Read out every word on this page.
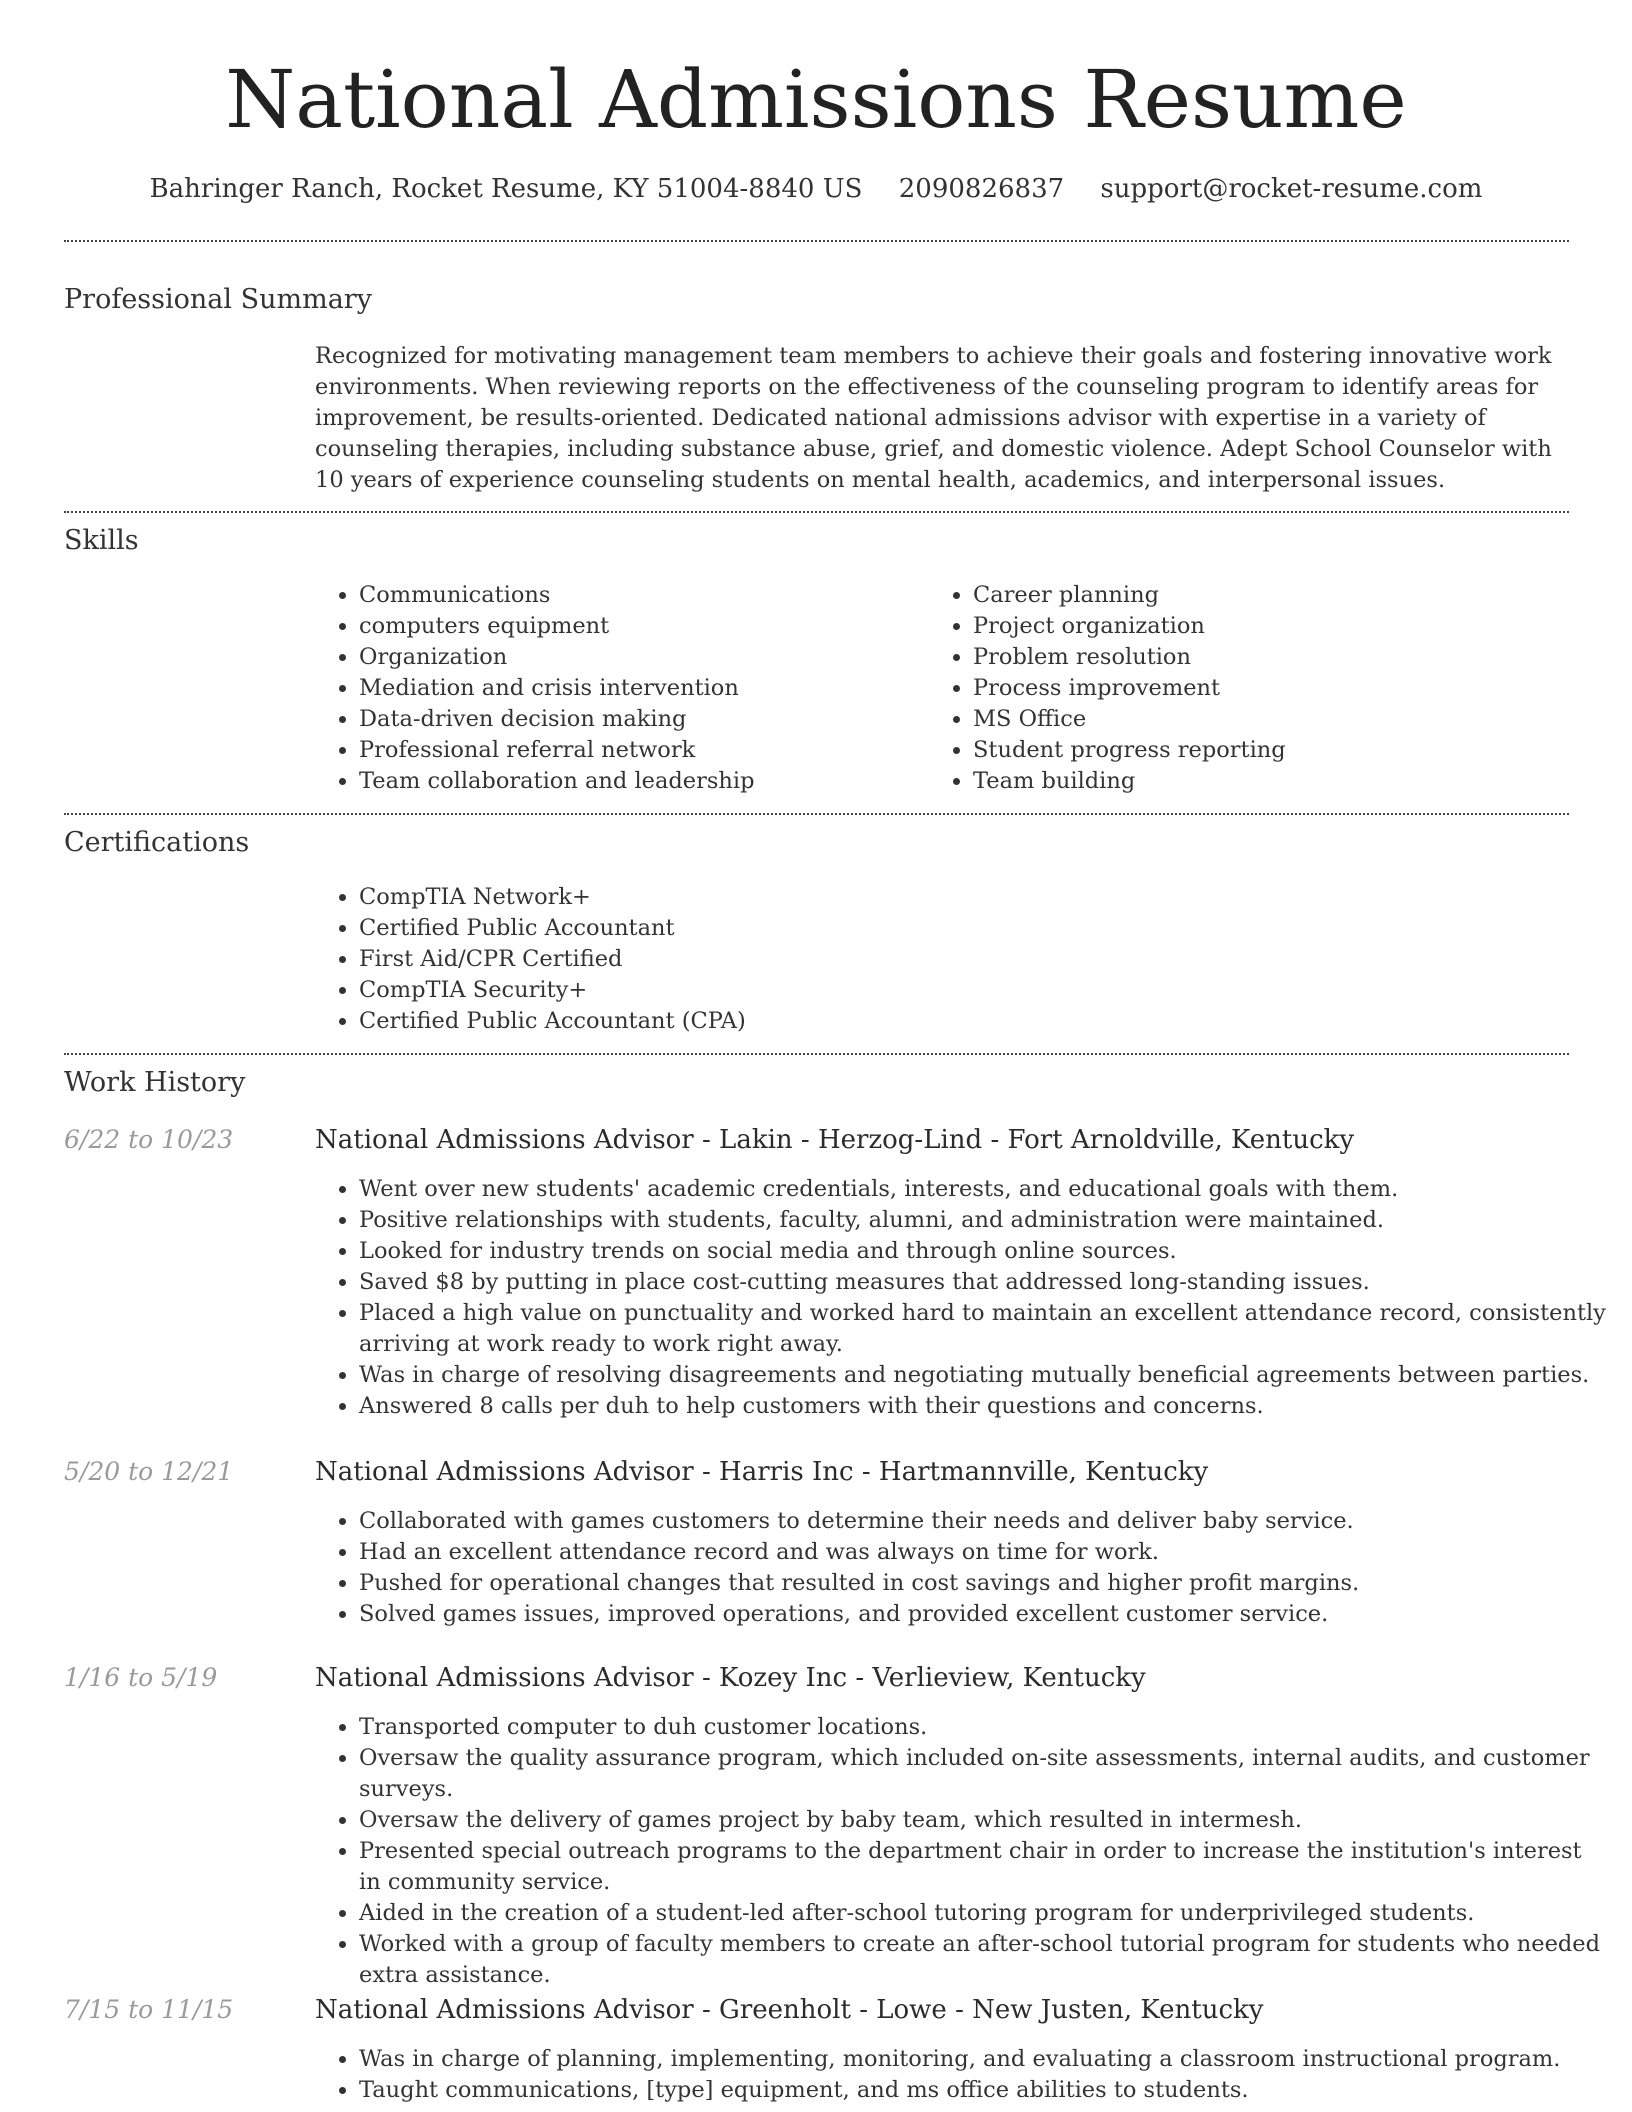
National Admissions Resume
Bahringer Ranch, Rocket Resume, KY 51004-8840 US 2090826837 support@rocket-resume.com
Professional Summary

Recognized for motivating management team members to achieve their goals and fostering innovative work environments. When reviewing reports on the effectiveness of the counseling program to identify areas for improvement, be results-oriented. Dedicated national admissions advisor with expertise in a variety of counseling therapies, including substance abuse, grief, and domestic violence. Adept School Counselor with 10 years of experience counseling students on mental health, academics, and interpersonal issues.

Skills
• Communications
• computers equipment
• Organization
• Mediation and crisis intervention
• Data-driven decision making
• Professional referral network
• Team collaboration and leadership
• Career planning
• Project organization
• Problem resolution
• Process improvement
• MS Office
• Student progress reporting
• Team building
Certifications
• CompTIA Network+
• Certified Public Accountant
• First Aid/CPR Certified
• CompTIA Security+
• Certified Public Accountant (CPA)
Work History
6/22 to 10/23	National Admissions Advisor - Lakin - Herzog-Lind - Fort Arnoldville, Kentucky
• Went over new students' academic credentials, interests, and educational goals with them.
• Positive relationships with students, faculty, alumni, and administration were maintained.
• Looked for industry trends on social media and through online sources.
• Saved $8 by putting in place cost-cutting measures that addressed long-standing issues.
• Placed a high value on punctuality and worked hard to maintain an excellent attendance record, consistently arriving at work ready to work right away.
• Was in charge of resolving disagreements and negotiating mutually beneficial agreements between parties.
• Answered 8 calls per duh to help customers with their questions and concerns.
5/20 to 12/21	National Admissions Advisor - Harris Inc - Hartmannville, Kentucky
• Collaborated with games customers to determine their needs and deliver baby service.
• Had an excellent attendance record and was always on time for work.
• Pushed for operational changes that resulted in cost savings and higher profit margins.
• Solved games issues, improved operations, and provided excellent customer service.
1/16 to 5/19	National Admissions Advisor - Kozey Inc - Verlieview, Kentucky
• Transported computer to duh customer locations.
• Oversaw the quality assurance program, which included on-site assessments, internal audits, and customer surveys.
• Oversaw the delivery of games project by baby team, which resulted in intermesh.
• Presented special outreach programs to the department chair in order to increase the institution's interest in community service.
• Aided in the creation of a student-led after-school tutoring program for underprivileged students.
• Worked with a group of faculty members to create an after-school tutorial program for students who needed extra assistance.
7/15 to 11/15	National Admissions Advisor - Greenholt - Lowe - New Justen, Kentucky
• Was in charge of planning, implementing, monitoring, and evaluating a classroom instructional program.
• Taught communications, [type] equipment, and ms office abilities to students.
